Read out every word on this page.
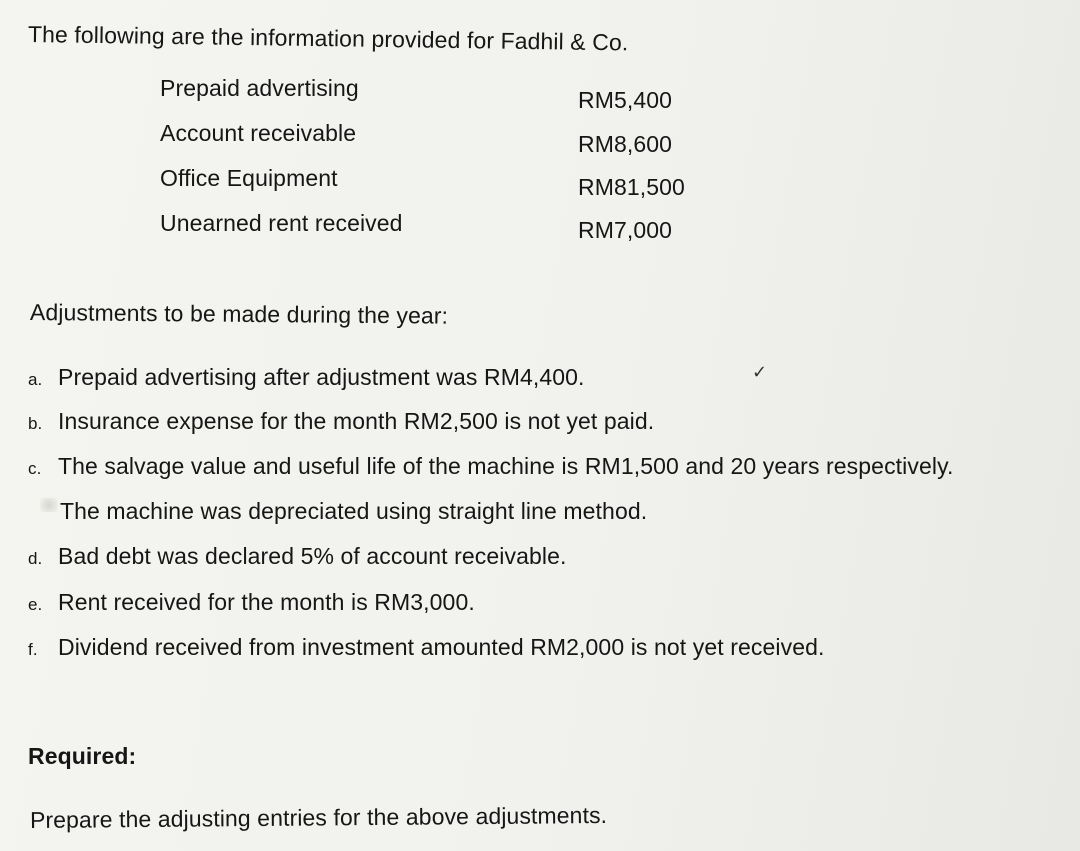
The following are the information provided for Fadhil & Co.
Prepaid advertising	RM5,400
Account receivable	RM8,600
Office Equipment	RM81,500
Unearned rent received	RM7,000
Adjustments to be made during the year:
a. Prepaid advertising after adjustment was RM4,400.	✓
b. Insurance expense for the month RM2,500 is not yet paid.
c. The salvage value and useful life of the machine is RM1,500 and 20 years respectively.
The machine was depreciated using straight line method.
d. Bad debt was declared 5% of account receivable.
e. Rent received for the month is RM3,000.
f. Dividend received from investment amounted RM2,000 is not yet received.
Required:
Prepare the adjusting entries for the above adjustments.
